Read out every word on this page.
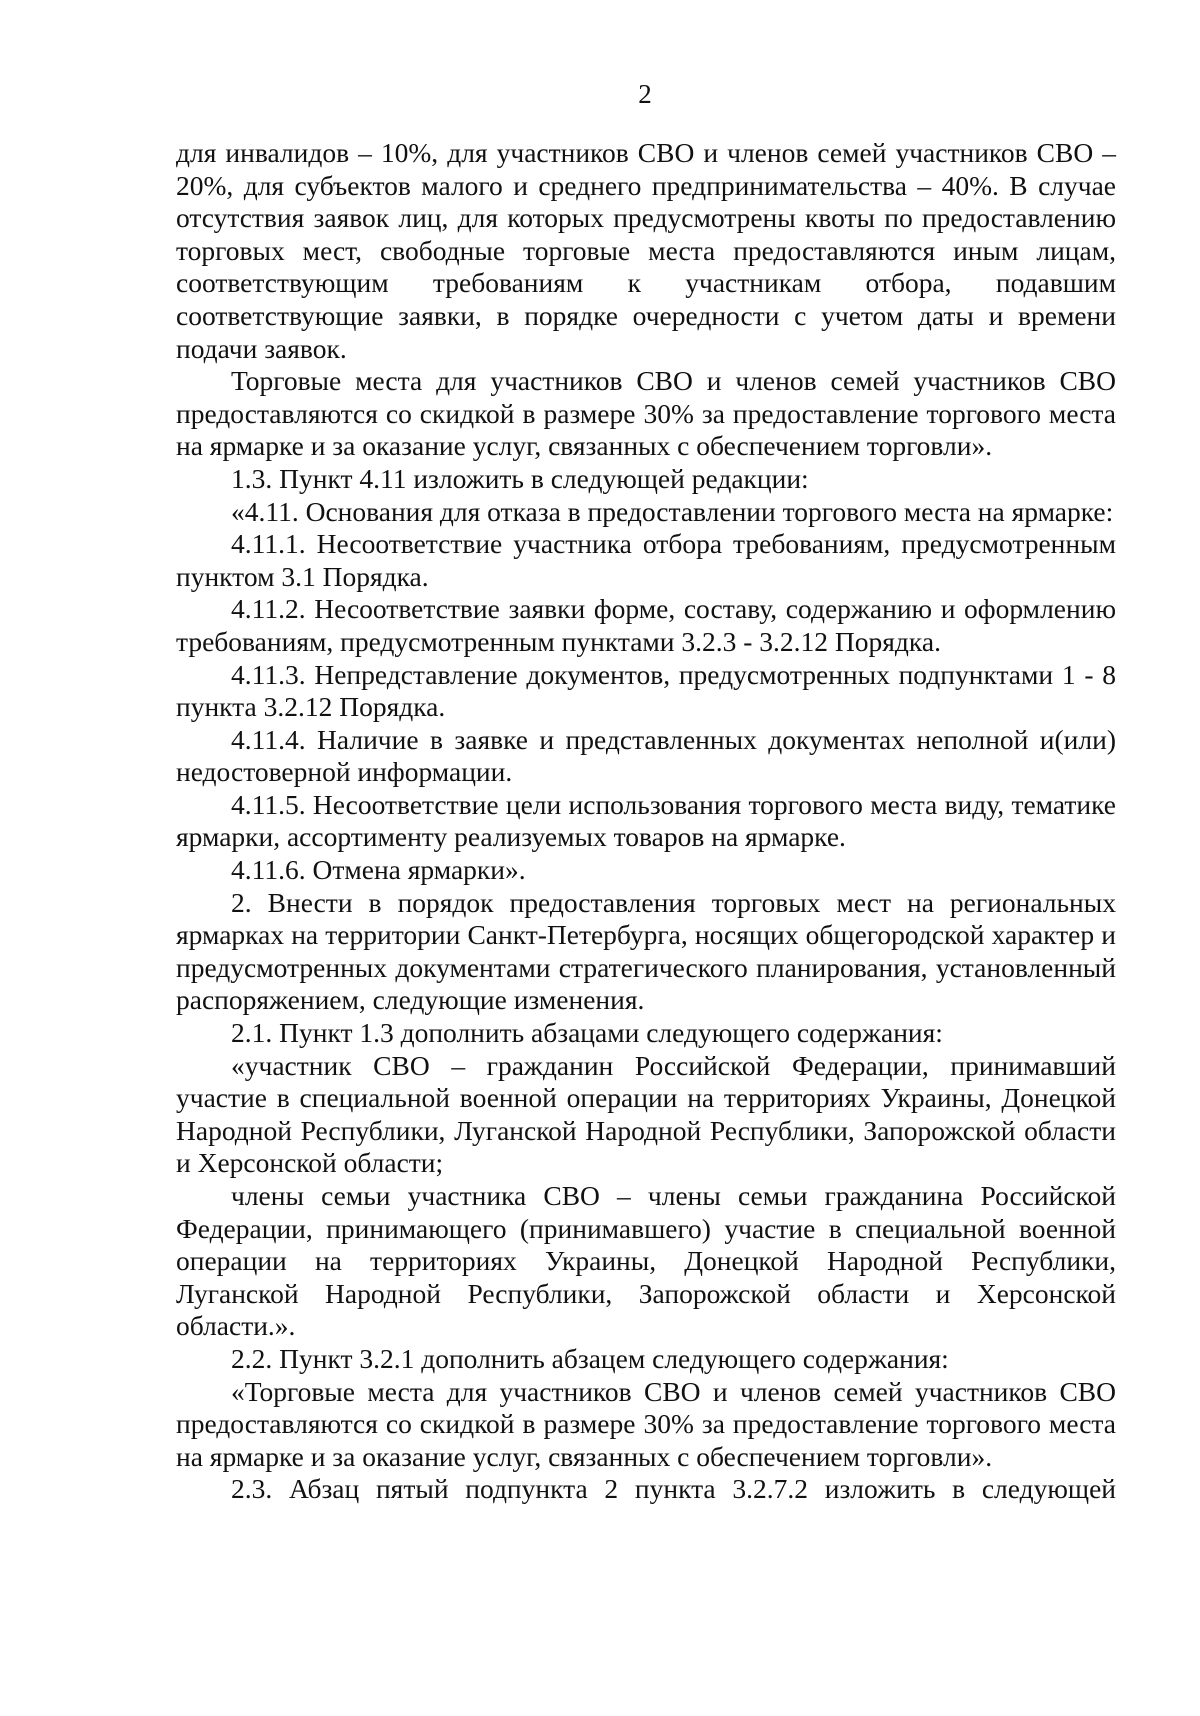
2

для инвалидов – 10%, для участников СВО и членов семей участников СВО – 20%, для субъектов малого и среднего предпринимательства – 40%. В случае отсутствия заявок лиц, для которых предусмотрены квоты по предоставлению торговых мест, свободные торговые места предоставляются иным лицам, соответствующим требованиям к участникам отбора, подавшим соответствующие заявки, в порядке очередности с учетом даты и времени подачи заявок.

Торговые места для участников СВО и членов семей участников СВО предоставляются со скидкой в размере 30% за предоставление торгового места на ярмарке и за оказание услуг, связанных с обеспечением торговли».

1.3. Пункт 4.11 изложить в следующей редакции:

«4.11. Основания для отказа в предоставлении торгового места на ярмарке:

4.11.1. Несоответствие участника отбора требованиям, предусмотренным пунктом 3.1 Порядка.

4.11.2. Несоответствие заявки форме, составу, содержанию и оформлению требованиям, предусмотренным пунктами 3.2.3 - 3.2.12 Порядка.

4.11.3. Непредставление документов, предусмотренных подпунктами 1 - 8 пункта 3.2.12 Порядка.

4.11.4. Наличие в заявке и представленных документах неполной и(или) недостоверной информации.

4.11.5. Несоответствие цели использования торгового места виду, тематике ярмарки, ассортименту реализуемых товаров на ярмарке.

4.11.6. Отмена ярмарки».

2. Внести в порядок предоставления торговых мест на региональных ярмарках на территории Санкт-Петербурга, носящих общегородской характер и предусмотренных документами стратегического планирования, установленный распоряжением, следующие изменения.

2.1. Пункт 1.3 дополнить абзацами следующего содержания:

«участник СВО – гражданин Российской Федерации, принимавший участие в специальной военной операции на территориях Украины, Донецкой Народной Республики, Луганской Народной Республики, Запорожской области и Херсонской области;

члены семьи участника СВО – члены семьи гражданина Российской Федерации, принимающего (принимавшего) участие в специальной военной операции на территориях Украины, Донецкой Народной Республики, Луганской Народной Республики, Запорожской области и Херсонской области.».

2.2. Пункт 3.2.1 дополнить абзацем следующего содержания:

«Торговые места для участников СВО и членов семей участников СВО предоставляются со скидкой в размере 30% за предоставление торгового места на ярмарке и за оказание услуг, связанных с обеспечением торговли».

2.3. Абзац пятый подпункта 2 пункта 3.2.7.2 изложить в следующей
